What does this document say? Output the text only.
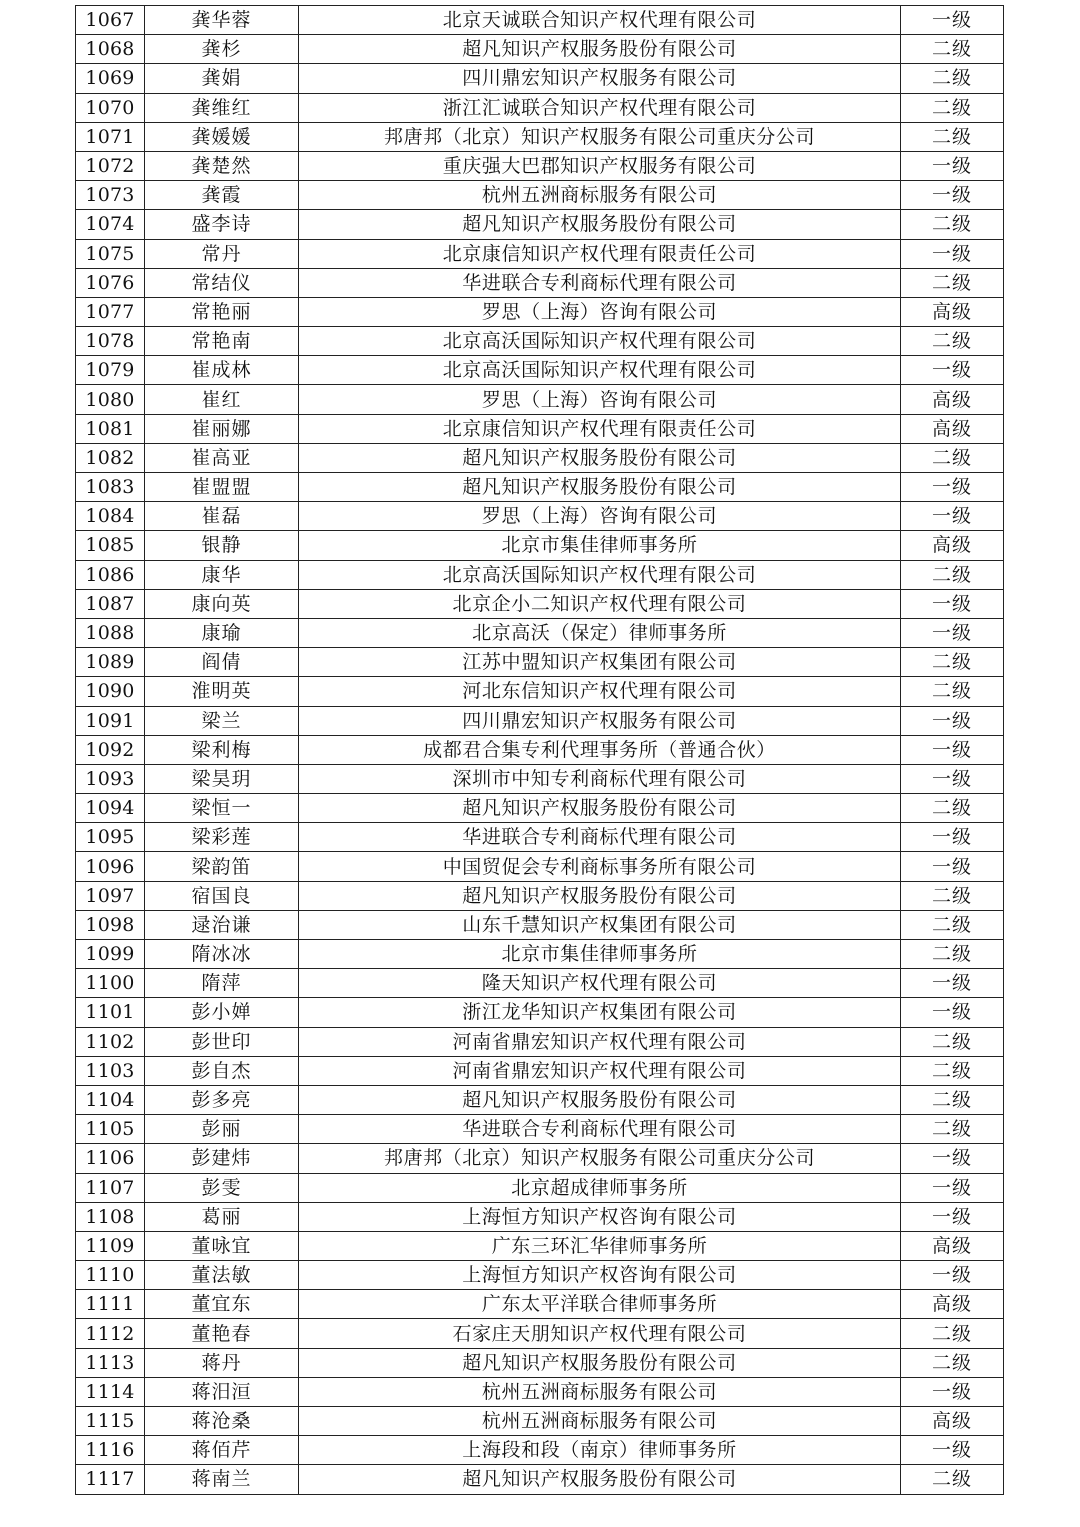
1067	龚华蓉	北京天诚联合知识产权代理有限公司	一级
1068	龚杉	超凡知识产权服务股份有限公司	二级
1069	龚娟	四川鼎宏知识产权服务有限公司	二级
1070	龚维红	浙江汇诚联合知识产权代理有限公司	二级
1071	龚媛媛	邦唐邦（北京）知识产权服务有限公司重庆分公司	二级
1072	龚楚然	重庆强大巴郡知识产权服务有限公司	一级
1073	龚霞	杭州五洲商标服务有限公司	一级
1074	盛李诗	超凡知识产权服务股份有限公司	二级
1075	常丹	北京康信知识产权代理有限责任公司	一级
1076	常结仪	华进联合专利商标代理有限公司	二级
1077	常艳丽	罗思（上海）咨询有限公司	高级
1078	常艳南	北京高沃国际知识产权代理有限公司	二级
1079	崔成林	北京高沃国际知识产权代理有限公司	一级
1080	崔红	罗思（上海）咨询有限公司	高级
1081	崔丽娜	北京康信知识产权代理有限责任公司	高级
1082	崔高亚	超凡知识产权服务股份有限公司	二级
1083	崔盟盟	超凡知识产权服务股份有限公司	一级
1084	崔磊	罗思（上海）咨询有限公司	一级
1085	银静	北京市集佳律师事务所	高级
1086	康华	北京高沃国际知识产权代理有限公司	二级
1087	康向英	北京企小二知识产权代理有限公司	一级
1088	康瑜	北京高沃（保定）律师事务所	一级
1089	阎倩	江苏中盟知识产权集团有限公司	二级
1090	淮明英	河北东信知识产权代理有限公司	二级
1091	梁兰	四川鼎宏知识产权服务有限公司	一级
1092	梁利梅	成都君合集专利代理事务所（普通合伙）	一级
1093	梁昊玥	深圳市中知专利商标代理有限公司	一级
1094	梁恒一	超凡知识产权服务股份有限公司	二级
1095	梁彩莲	华进联合专利商标代理有限公司	一级
1096	梁韵笛	中国贸促会专利商标事务所有限公司	一级
1097	宿国良	超凡知识产权服务股份有限公司	二级
1098	逯治谦	山东千慧知识产权集团有限公司	二级
1099	隋冰冰	北京市集佳律师事务所	二级
1100	隋萍	隆天知识产权代理有限公司	一级
1101	彭小婵	浙江龙华知识产权集团有限公司	一级
1102	彭世印	河南省鼎宏知识产权代理有限公司	二级
1103	彭自杰	河南省鼎宏知识产权代理有限公司	二级
1104	彭多亮	超凡知识产权服务股份有限公司	二级
1105	彭丽	华进联合专利商标代理有限公司	二级
1106	彭建炜	邦唐邦（北京）知识产权服务有限公司重庆分公司	一级
1107	彭雯	北京超成律师事务所	一级
1108	葛丽	上海恒方知识产权咨询有限公司	一级
1109	董咏宜	广东三环汇华律师事务所	高级
1110	董法敏	上海恒方知识产权咨询有限公司	一级
1111	董宜东	广东太平洋联合律师事务所	高级
1112	董艳春	石家庄天朋知识产权代理有限公司	二级
1113	蒋丹	超凡知识产权服务股份有限公司	二级
1114	蒋汨洹	杭州五洲商标服务有限公司	一级
1115	蒋沧桑	杭州五洲商标服务有限公司	高级
1116	蒋佰芹	上海段和段（南京）律师事务所	一级
1117	蒋南兰	超凡知识产权服务股份有限公司	二级
